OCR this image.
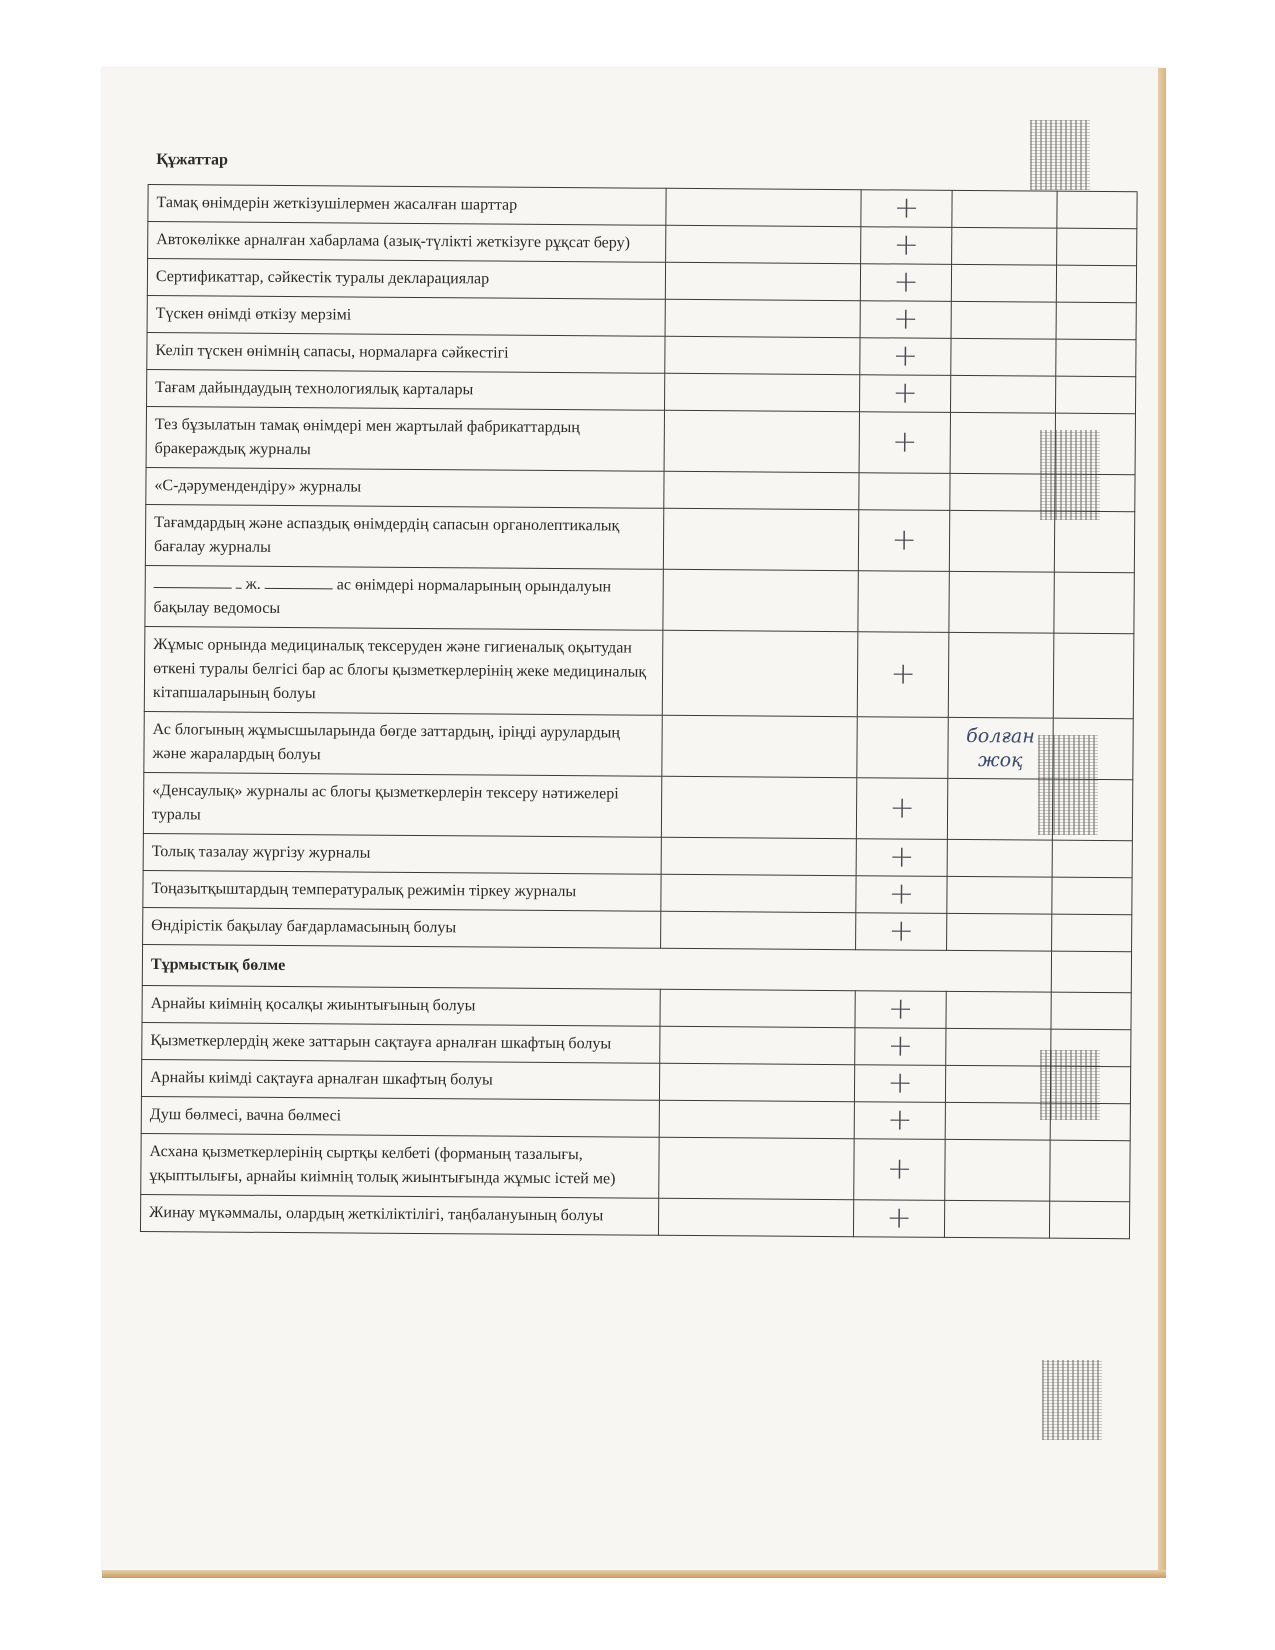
Құжаттар				
Тамақ өнімдерін жеткізушілермен жасалған шарттар		+		
Автокөлікке арналған хабарлама (азық-түлікті жеткізуге рұқсат беру)		+		
Сертификаттар, сәйкестік туралы декларациялар		+		
Түскен өнімді өткізу мерзімі		+		
Келіп түскен өнімнің сапасы, нормаларға сәйкестігі		+		
Тағам дайындаудың технологиялық карталары		+		
Тез бұзылатын тамақ өнімдері мен жартылай фабрикаттардың бракераждық журналы		+		
«С-дәрумендендіру» журналы				
Тағамдардың және аспаздық өнімдердің сапасын органолептикалық бағалау журналы		+		
ж. ас өнімдері нормаларының орындалуын бақылау ведомосы				
Жұмыс орнында медициналық тексеруден және гигиеналық оқытудан өткені туралы белгісі бар ас блогы қызметкерлерінің жеке медициналық кітапшаларының болуы		+		
Ас блогының жұмысшыларында бөгде заттардың, іріңді аурулардың және жаралардың болуы			болған жоқ	
«Денсаулық» журналы ас блогы қызметкерлерін тексеру нәтижелері туралы		+		
Толық тазалау жүргізу журналы		+		
Тоңазытқыштардың температуралық режимін тіркеу журналы		+		
Өндірістік бақылау бағдарламасының болуы		+		
Тұрмыстық бөлме				
Арнайы киімнің қосалқы жиынтығының болуы		+		
Қызметкерлердің жеке заттарын сақтауға арналған шкафтың болуы		+		
Арнайы киімді сақтауға арналған шкафтың болуы		+		
Душ бөлмесі, вачна бөлмесі		+		
Асхана қызметкерлерінің сыртқы келбеті (форманың тазалығы, ұқыптылығы, арнайы киімнің толық жиынтығында жұмыс істей ме)		+		
Жинау мүкәммалы, олардың жеткіліктілігі, таңбалануының болуы		+		
